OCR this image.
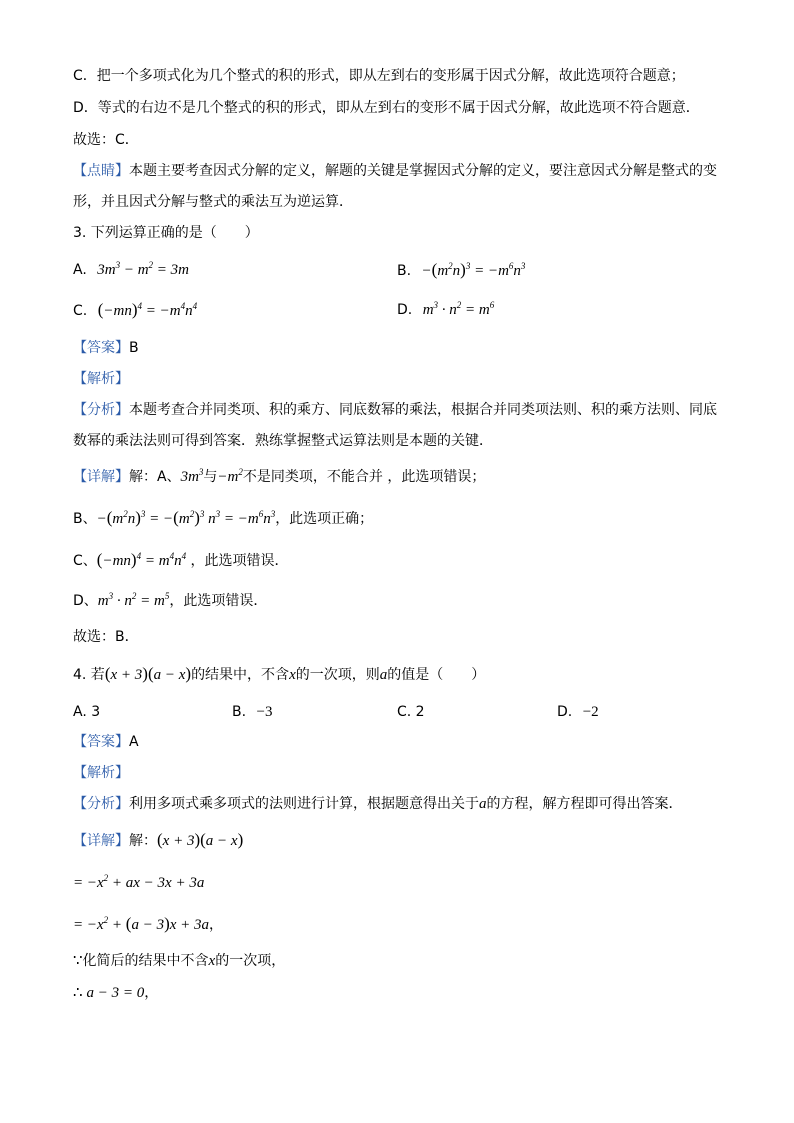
C．把一个多项式化为几个整式的积的形式，即从左到右的变形属于因式分解，故此选项符合题意；
D．等式的右边不是几个整式的积的形式，即从左到右的变形不属于因式分解，故此选项不符合题意．
故选：C．
【点睛】本题主要考查因式分解的定义，解题的关键是掌握因式分解的定义，要注意因式分解是整式的变
形，并且因式分解与整式的乘法互为逆运算．
3. 下列运算正确的是（　　）
A. $3m^3 - m^2 = 3m$	B. $-(m^2n)^3 = -m^6n^3$
C. $(-mn)^4 = -m^4n^4$	D. $m^3 \cdot n^2 = m^6$
【答案】B
【解析】
【分析】本题考查合并同类项、积的乘方、同底数幂的乘法，根据合并同类项法则、积的乘方法则、同底
数幂的乘法法则可得到答案．熟练掌握整式运算法则是本题的关键．
【详解】解：A、$3m^3$与$-m^2$不是同类项，不能合并 ，此选项错误；
B、$-(m^2n)^3 = -(m^2)^3$ $n^3 = -m^6n^3$，此选项正确；
C、$(-mn)^4 = m^4n^4$ ，此选项错误．
D、$m^3 \cdot n^2 = m^5$，此选项错误．
故选：B．
4. 若(x + 3)(a − x)的结果中，不含x的一次项，则a的值是（　　）
A. 3	B. −3	C. 2	D. −2
【答案】A
【解析】
【分析】利用多项式乘多项式的法则进行计算，根据题意得出关于a的方程，解方程即可得出答案．
【详解】解：(x + 3)(a − x)
= $-x^2$ + ax − 3x + 3a
= $-x^2 + (a - 3)x + 3a$，
∵化简后的结果中不含x的一次项，
∴ a − 3 = 0，
